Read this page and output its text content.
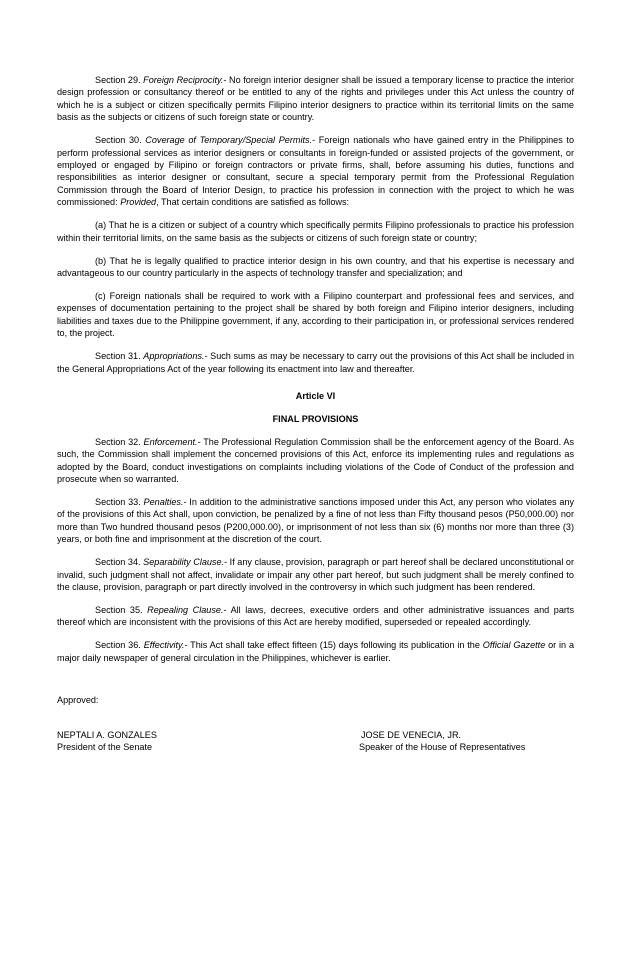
Section 29. Foreign Reciprocity.- No foreign interior designer shall be issued a temporary license to practice the interior design profession or consultancy thereof or be entitled to any of the rights and privileges under this Act unless the country of which he is a subject or citizen specifically permits Filipino interior designers to practice within its territorial limits on the same basis as the subjects or citizens of such foreign state or country.

Section 30. Coverage of Temporary/Special Permits.- Foreign nationals who have gained entry in the Philippines to perform professional services as interior designers or consultants in foreign-funded or assisted projects of the government, or employed or engaged by Filipino or foreign contractors or private firms, shall, before assuming his duties, functions and responsibilities as interior designer or consultant, secure a special temporary permit from the Professional Regulation Commission through the Board of Interior Design, to practice his profession in connection with the project to which he was commissioned: Provided, That certain conditions are satisfied as follows:

(a) That he is a citizen or subject of a country which specifically permits Filipino professionals to practice his profession within their territorial limits, on the same basis as the subjects or citizens of such foreign state or country;

(b) That he is legally qualified to practice interior design in his own country, and that his expertise is necessary and advantageous to our country particularly in the aspects of technology transfer and specialization; and

(c) Foreign nationals shall be required to work with a Filipino counterpart and professional fees and services, and expenses of documentation pertaining to the project shall be shared by both foreign and Filipino interior designers, including liabilities and taxes due to the Philippine government, if any, according to their participation in, or professional services rendered to, the project.

Section 31. Appropriations.- Such sums as may be necessary to carry out the provisions of this Act shall be included in the General Appropriations Act of the year following its enactment into law and thereafter.

Article VI

FINAL PROVISIONS

Section 32. Enforcement.- The Professional Regulation Commission shall be the enforcement agency of the Board. As such, the Commission shall implement the concerned provisions of this Act, enforce its implementing rules and regulations as adopted by the Board, conduct investigations on complaints including violations of the Code of Conduct of the profession and prosecute when so warranted.

Section 33. Penalties.- In addition to the administrative sanctions imposed under this Act, any person who violates any of the provisions of this Act shall, upon conviction, be penalized by a fine of not less than Fifty thousand pesos (P50,000.00) nor more than Two hundred thousand pesos (P200,000.00), or imprisonment of not less than six (6) months nor more than three (3) years, or both fine and imprisonment at the discretion of the court.

Section 34. Separability Clause.- If any clause, provision, paragraph or part hereof shall be declared unconstitutional or invalid, such judgment shall not affect, invalidate or impair any other part hereof, but such judgment shall be merely confined to the clause, provision, paragraph or part directly involved in the controversy in which such judgment has been rendered.

Section 35. Repealing Clause.- All laws, decrees, executive orders and other administrative issuances and parts thereof which are inconsistent with the provisions of this Act are hereby modified, superseded or repealed accordingly.

Section 36. Effectivity.- This Act shall take effect fifteen (15) days following its publication in the Official Gazette or in a major daily newspaper of general circulation in the Philippines, whichever is earlier.

Approved:
NEPTALI A. GONZALES
President of the Senate
JOSE DE VENECIA, JR.
Speaker of the House of Representatives
